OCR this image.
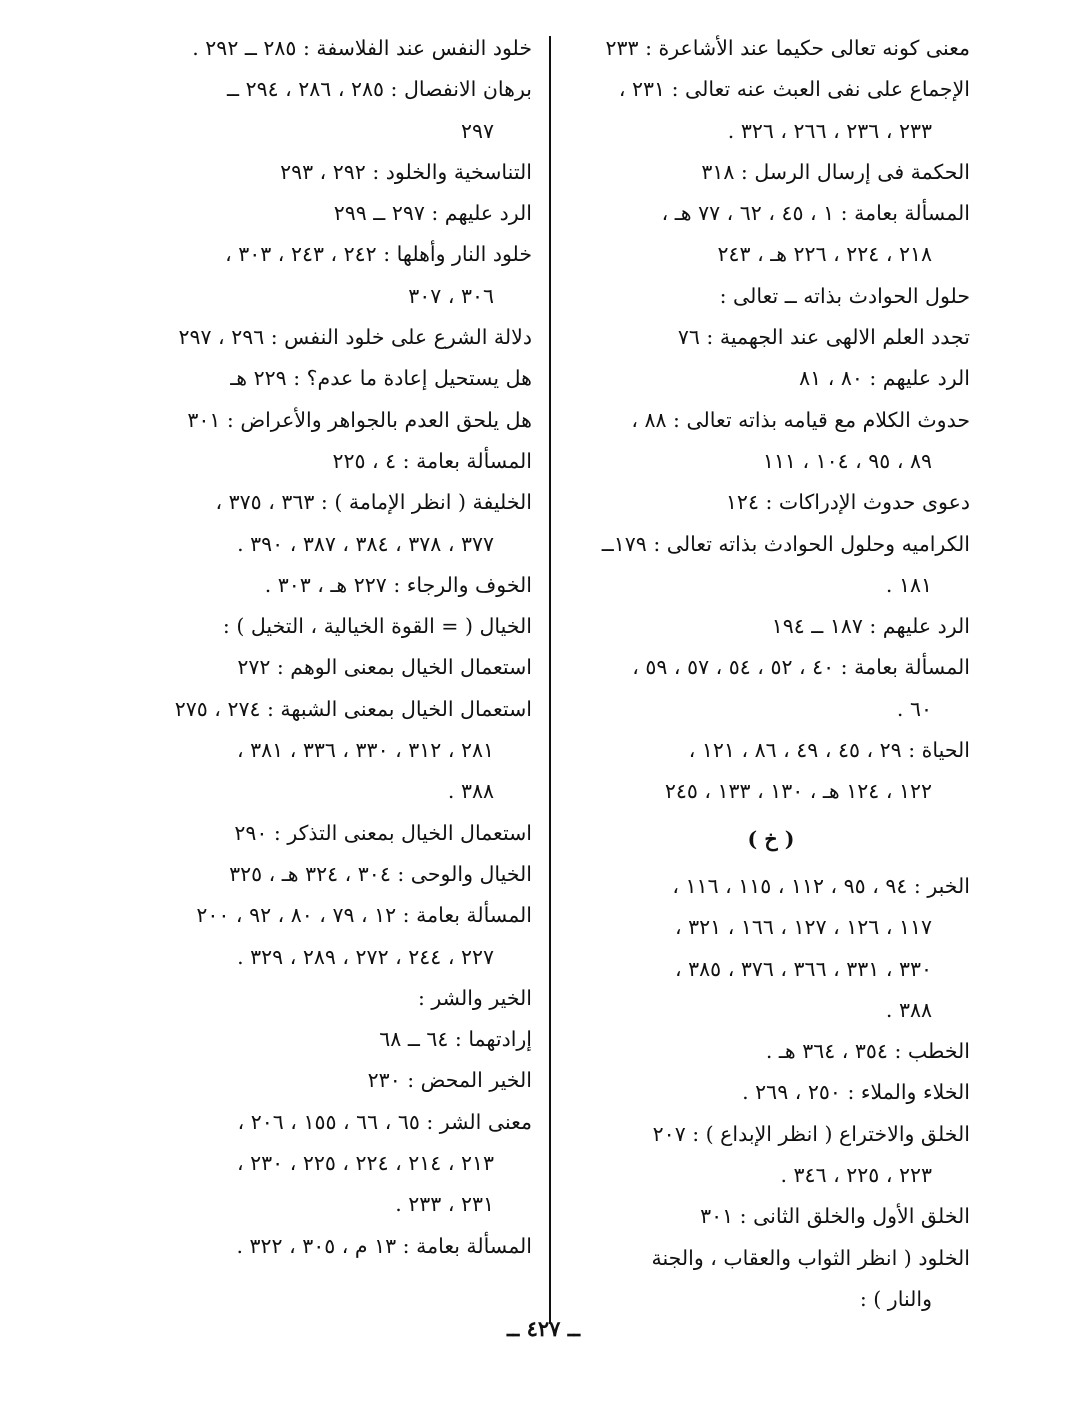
معنى كونه تعالى حكيما عند الأشاعرة : ٢٣٣
الإجماع على نفى العبث عنه تعالى : ٢٣١ ،
٢٣٣ ، ٢٣٦ ، ٢٦٦ ، ٣٢٦ .
الحكمة فى إرسال الرسل : ٣١٨
المسألة بعامة : ١ ، ٤٥ ، ٦٢ ، ٧٧ هـ ،
٢١٨ ، ٢٢٤ ، ٢٢٦ هـ ، ٢٤٣
حلول الحوادث بذاته ــ تعالى :
تجدد العلم الالهى عند الجهمية : ٧٦
الرد عليهم : ٨٠ ، ٨١
حدوث الكلام مع قيامه بذاته تعالى : ٨٨ ،
٨٩ ، ٩٥ ، ١٠٤ ، ١١١
دعوى حدوث الإدراكات : ١٢٤
الكراميه وحلول الحوادث بذاته تعالى : ١٧٩ــ
١٨١ .
الرد عليهم : ١٨٧ ــ ١٩٤
المسألة بعامة : ٤٠ ، ٥٢ ، ٥٤ ، ٥٧ ، ٥٩ ،
٦٠ .
الحياة : ٢٩ ، ٤٥ ، ٤٩ ، ٨٦ ، ١٢١ ،
١٢٢ ، ١٢٤ هـ ، ١٣٠ ، ١٣٣ ، ٢٤٥
( خ )
الخبر : ٩٤ ، ٩٥ ، ١١٢ ، ١١٥ ، ١١٦ ،
١١٧ ، ١٢٦ ، ١٢٧ ، ١٦٦ ، ٣٢١ ،
٣٣٠ ، ٣٣١ ، ٣٦٦ ، ٣٧٦ ، ٣٨٥ ،
٣٨٨ .
الخطب : ٣٥٤ ، ٣٦٤ هـ .
الخلاء والملاء : ٢٥٠ ، ٢٦٩ .
الخلق والاختراع ( انظر الإبداع ) : ٢٠٧
٢٢٣ ، ٢٢٥ ، ٣٤٦ .
الخلق الأول والخلق الثانى : ٣٠١
الخلود ( انظر الثواب والعقاب ، والجنة
والنار ) :
خلود النفس عند الفلاسفة : ٢٨٥ ــ ٢٩٢ .
برهان الانفصال : ٢٨٥ ، ٢٨٦ ، ٢٩٤ ــ
٢٩٧
التناسخية والخلود : ٢٩٢ ، ٢٩٣
الرد عليهم : ٢٩٧ ــ ٢٩٩
خلود النار وأهلها : ٢٤٢ ، ٢٤٣ ، ٣٠٣ ،
٣٠٦ ، ٣٠٧
دلالة الشرع على خلود النفس : ٢٩٦ ، ٢٩٧
هل يستحيل إعادة ما عدم؟ : ٢٢٩ هـ
هل يلحق العدم بالجواهر والأعراض : ٣٠١
المسألة بعامة : ٤ ، ٢٢٥
الخليفة ( انظر الإمامة ) : ٣٦٣ ، ٣٧٥ ،
٣٧٧ ، ٣٧٨ ، ٣٨٤ ، ٣٨٧ ، ٣٩٠ .
الخوف والرجاء : ٢٢٧ هـ ، ٣٠٣ .
الخيال ( = القوة الخيالية ، التخيل ) :
استعمال الخيال بمعنى الوهم : ٢٧٢
استعمال الخيال بمعنى الشبهة : ٢٧٤ ، ٢٧٥
٢٨١ ، ٣١٢ ، ٣٣٠ ، ٣٣٦ ، ٣٨١ ،
٣٨٨ .
استعمال الخيال بمعنى التذكر : ٢٩٠
الخيال والوحى : ٣٠٤ ، ٣٢٤ هـ ، ٣٢٥
المسألة بعامة : ١٢ ، ٧٩ ، ٨٠ ، ٩٢ ، ٢٠٠
٢٢٧ ، ٢٤٤ ، ٢٧٢ ، ٢٨٩ ، ٣٢٩ .
الخير والشر :
إرادتهما : ٦٤ ــ ٦٨
الخير المحض : ٢٣٠
معنى الشر : ٦٥ ، ٦٦ ، ١٥٥ ، ٢٠٦ ،
٢١٣ ، ٢١٤ ، ٢٢٤ ، ٢٢٥ ، ٢٣٠ ،
٢٣١ ، ٢٣٣ .
المسألة بعامة : ١٣ م ، ٣٠٥ ، ٣٢٢ .
ــ ٤٢٧ ــ
